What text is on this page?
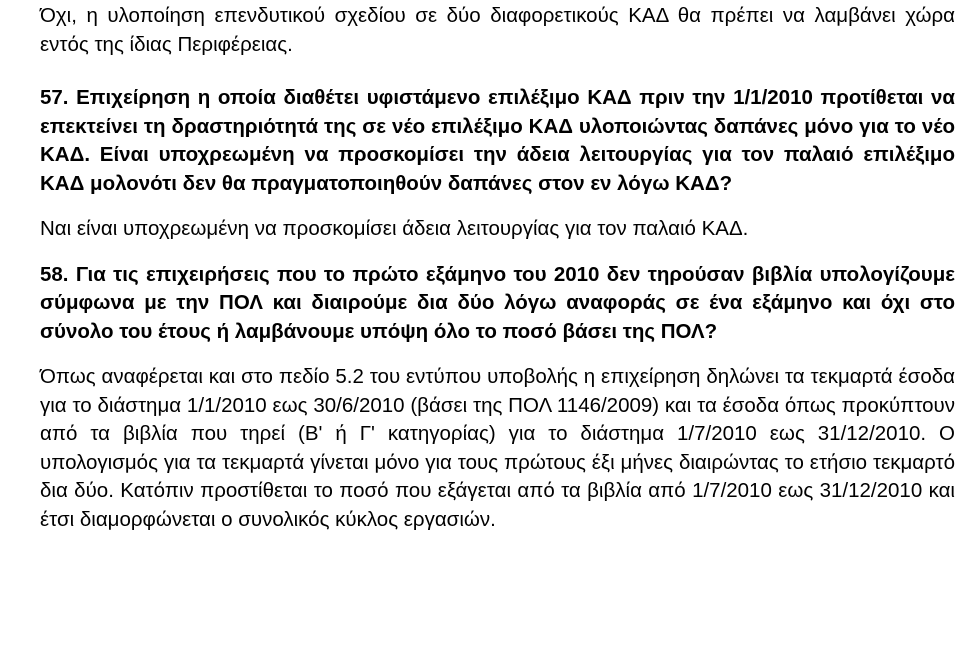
Όχι, η υλοποίηση επενδυτικού σχεδίου σε δύο διαφορετικούς ΚΑΔ θα πρέπει να λαμβάνει χώρα εντός της ίδιας Περιφέρειας.

57. Επιχείρηση η οποία διαθέτει υφιστάμενο επιλέξιμο ΚΑΔ πριν την 1/1/2010 προτίθεται να επεκτείνει τη δραστηριότητά της σε νέο επιλέξιμο ΚΑΔ υλοποιώντας δαπάνες μόνο για το νέο ΚΑΔ. Είναι υποχρεωμένη να προσκομίσει την άδεια λειτουργίας για τον παλαιό επιλέξιμο ΚΑΔ μολονότι δεν θα πραγματοποιηθούν δαπάνες στον εν λόγω ΚΑΔ?

Ναι είναι υποχρεωμένη να προσκομίσει άδεια λειτουργίας για τον παλαιό ΚΑΔ.

58. Για τις επιχειρήσεις που το πρώτο εξάμηνο του 2010 δεν τηρούσαν βιβλία υπολογίζουμε σύμφωνα με την ΠΟΛ και διαιρούμε δια δύο λόγω αναφοράς σε ένα εξάμηνο και όχι στο σύνολο του έτους ή λαμβάνουμε υπόψη όλο το ποσό βάσει της ΠΟΛ?

Όπως αναφέρεται και στο πεδίο 5.2 του εντύπου υποβολής η επιχείρηση δηλώνει τα τεκμαρτά έσοδα για το διάστημα 1/1/2010 εως 30/6/2010 (βάσει της ΠΟΛ 1146/2009) και τα έσοδα όπως προκύπτουν από τα βιβλία που τηρεί (Β' ή Γ' κατηγορίας) για το διάστημα 1/7/2010 εως 31/12/2010. Ο υπολογισμός για τα τεκμαρτά γίνεται μόνο για τους πρώτους έξι μήνες διαιρώντας το ετήσιο τεκμαρτό δια δύο. Κατόπιν προστίθεται το ποσό που εξάγεται από τα βιβλία από 1/7/2010 εως 31/12/2010 και έτσι διαμορφώνεται ο συνολικός κύκλος εργασιών.
